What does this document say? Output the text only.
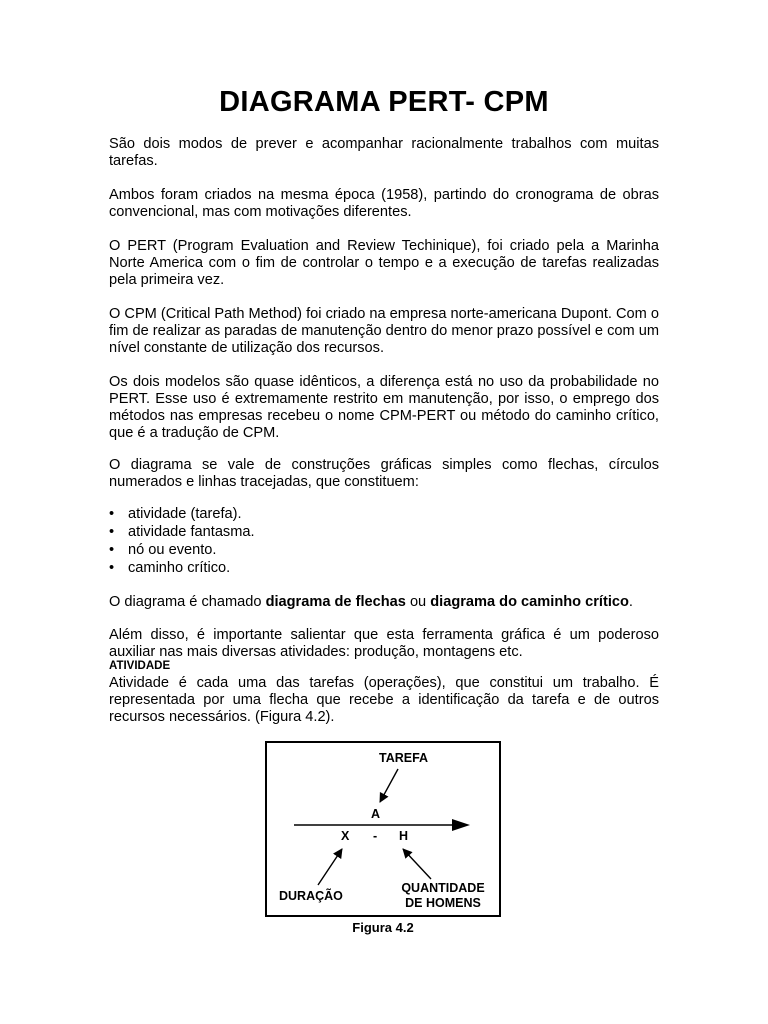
DIAGRAMA PERT- CPM
São dois modos de prever e acompanhar racionalmente trabalhos com muitas tarefas.
Ambos foram criados na mesma época (1958), partindo do cronograma de obras convencional, mas com motivações diferentes.
O PERT (Program Evaluation and Review Techinique), foi criado pela a Marinha Norte America com o fim de controlar o tempo e a execução de tarefas realizadas pela primeira vez.
O CPM (Critical Path Method) foi criado na empresa norte-americana Dupont. Com o fim de realizar as paradas de manutenção dentro do menor prazo possível e com um nível constante de utilização dos recursos.
Os dois modelos são quase idênticos, a diferença está no uso da probabilidade no PERT. Esse uso é extremamente restrito em manutenção, por isso, o emprego dos métodos nas empresas recebeu o nome CPM-PERT ou método do caminho crítico, que é a tradução de CPM.
O diagrama se vale de construções gráficas simples como flechas, círculos numerados e linhas tracejadas, que constituem:
• atividade (tarefa).
• atividade fantasma.
• nó ou evento.
• caminho crítico.
O diagrama é chamado diagrama de flechas ou diagrama do caminho crítico.
Além disso, é importante salientar que esta ferramenta gráfica é um poderoso auxiliar nas mais diversas atividades: produção, montagens etc.
ATIVIDADE
Atividade é cada uma das tarefas (operações), que constitui um trabalho. É representada por uma flecha que recebe a identificação da tarefa e de outros recursos necessários. (Figura 4.2).
TAREFA
A
X - H
DURAÇÃO
QUANTIDADE
DE HOMENS
Figura 4.2
